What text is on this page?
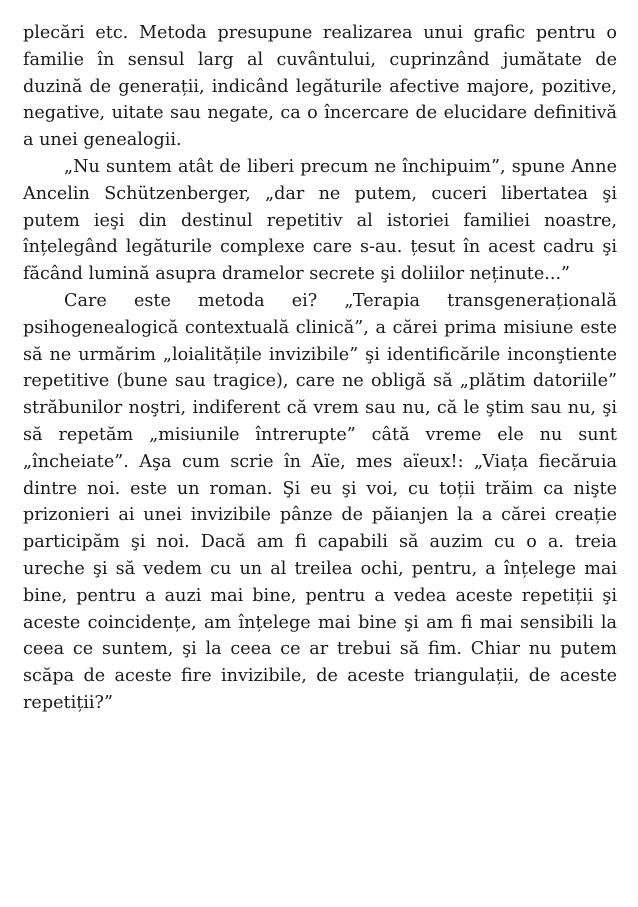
plecări etc. Metoda presupune realizarea unui grafic pentru o familie în sensul larg al cuvântului, cuprinzând jumătate de duzină de generații, indicând legăturile afective majore, pozitive, negative, uitate sau negate, ca o încercare de elucidare definitivă a unei genealogii.

„Nu suntem atât de liberi precum ne închipuim”, spune Anne Ancelin Schützenberger, „dar ne putem, cuceri libertatea şi putem ieşi din destinul repetitiv al istoriei familiei noastre, înțelegând legăturile complexe care s-au. țesut în acest cadru şi făcând lumină asupra dramelor secrete şi doliilor neținute...”

Care este metoda ei? „Terapia transgenerațională psihogenealogică contextuală clinică”, a cărei prima misiune este să ne urmărim „loialitățile invizibile” şi identificările inconştiente repetitive (bune sau tragice), care ne obligă să „plătim datoriile” străbunilor noştri, indiferent că vrem sau nu, că le ştim sau nu, şi să repetăm „misiunile întrerupte” câtă vreme ele nu sunt „încheiate”. Aşa cum scrie în Aïe, mes aïeux!: „Viața fiecăruia dintre noi. este un roman. Şi eu şi voi, cu toții trăim ca nişte prizonieri ai unei invizibile pânze de păianjen la a cărei creație participăm şi noi. Dacă am fi capabili să auzim cu o a. treia ureche şi să vedem cu un al treilea ochi, pentru, a înțelege mai bine, pentru a auzi mai bine, pentru a vedea aceste repetiții şi aceste coincidențe, am înțelege mai bine şi am fi mai sensibili la ceea ce suntem, şi la ceea ce ar trebui să fim. Chiar nu putem scăpa de aceste fire invizibile, de aceste triangulații, de aceste repetiții?”
